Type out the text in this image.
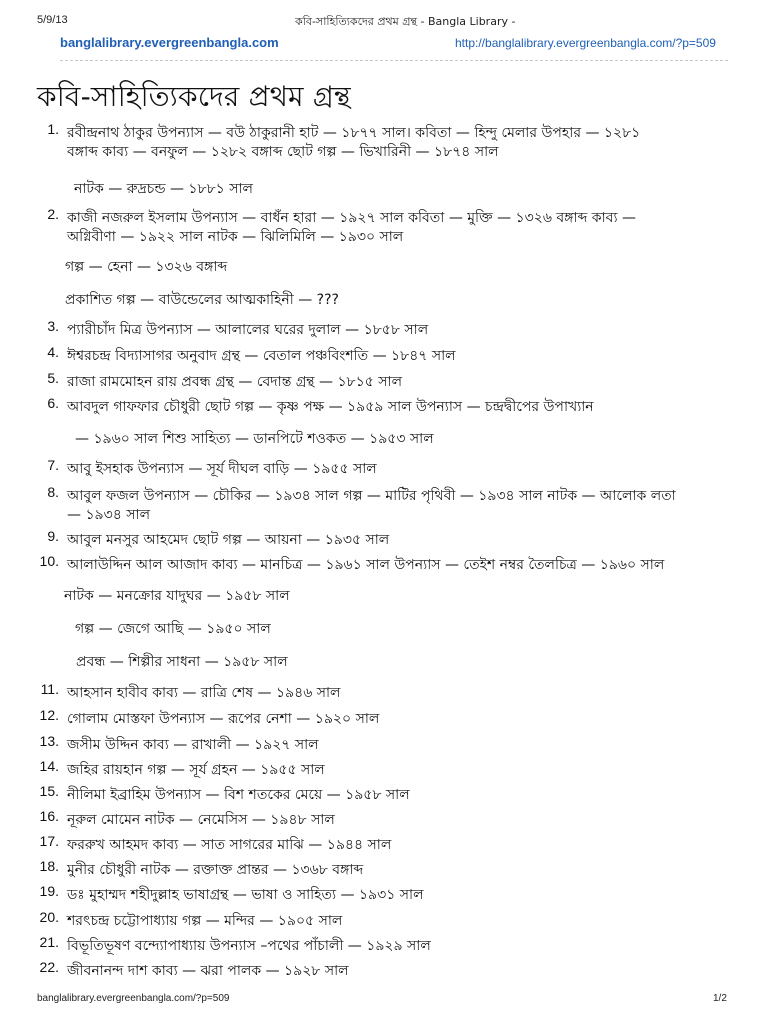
5/9/13	কবি-সাহিত্যিকদের প্রথম গ্রন্থ - Bangla Library -
banglalibrary.evergreenbangla.com	http://banglalibrary.evergreenbangla.com/?p=509
কবি-সাহিত্যিকদের প্রথম গ্রন্থ
1. রবীন্দ্রনাথ ঠাকুর উপন্যাস — বউ ঠাকুরানী হাট — ১৮৭৭ সাল। কবিতা — হিন্দু মেলার উপহার — ১২৮১
বঙ্গাব্দ কাব্য — বনফুল — ১২৮২ বঙ্গাব্দ ছোট গল্প — ভিখারিনী — ১৮৭৪ সাল
নাটক — রুদ্রচন্ড — ১৮৮১ সাল
2. কাজী নজরুল ইসলাম উপন্যাস — বাধঁন হারা — ১৯২৭ সাল কবিতা — মুক্তি — ১৩২৬ বঙ্গাব্দ কাব্য —
অগ্নিবীণা — ১৯২২ সাল নাটক — ঝিলিমিলি — ১৯৩০ সাল
গল্প — হেনা — ১৩২৬ বঙ্গাব্দ
প্রকাশিত গল্প — বাউন্ডেলের আত্মকাহিনী — ???
3. প্যারীচাঁদ মিত্র উপন্যাস — আলালের ঘরের দুলাল — ১৮৫৮ সাল
4. ঈশ্বরচন্দ্র বিদ্যাসাগর অনুবাদ গ্রন্থ — বেতাল পঞ্চবিংশতি — ১৮৪৭ সাল
5. রাজা রামমোহন রায় প্রবন্ধ গ্রন্থ — বেদান্ত গ্রন্থ — ১৮১৫ সাল
6. আবদুল গাফফার চৌধুরী ছোট গল্প — কৃষ্ণ পক্ষ — ১৯৫৯ সাল উপন্যাস — চন্দ্রদ্বীপের উপাখ্যান
— ১৯৬০ সাল শিশু সাহিত্য — ডানপিটে শওকত — ১৯৫৩ সাল
7. আবু ইসহাক উপন্যাস — সূর্য দীঘল বাড়ি — ১৯৫৫ সাল
8. আবুল ফজল উপন্যাস — চৌকির — ১৯৩৪ সাল গল্প — মাটির পৃথিবী — ১৯৩৪ সাল নাটক — আলোক লতা
— ১৯৩৪ সাল
9. আবুল মনসুর আহমেদ ছোট গল্প — আয়না — ১৯৩৫ সাল
10. আলাউদ্দিন আল আজাদ কাব্য — মানচিত্র — ১৯৬১ সাল উপন্যাস — তেইশ নম্বর তৈলচিত্র — ১৯৬০ সাল
নাটক — মনক্রোর যাদুঘর — ১৯৫৮ সাল
গল্প — জেগে আছি — ১৯৫০ সাল
প্রবন্ধ — শিল্পীর সাধনা — ১৯৫৮ সাল
11. আহসান হাবীব কাব্য — রাত্রি শেষ — ১৯৪৬ সাল
12. গোলাম মোস্তফা উপন্যাস — রূপের নেশা — ১৯২০ সাল
13. জসীম উদ্দিন কাব্য — রাখালী — ১৯২৭ সাল
14. জহির রায়হান গল্প — সূর্য গ্রহন — ১৯৫৫ সাল
15. নীলিমা ইব্রাহিম উপন্যাস — বিশ শতকের মেয়ে — ১৯৫৮ সাল
16. নূরুল মোমেন নাটক — নেমেসিস — ১৯৪৮ সাল
17. ফররুখ আহমদ কাব্য — সাত সাগরের মাঝি — ১৯৪৪ সাল
18. মুনীর চৌধুরী নাটক — রক্তাক্ত প্রান্তর — ১৩৬৮ বঙ্গাব্দ
19. ডঃ মুহাম্মদ শহীদুল্লাহ ভাষাগ্রন্থ — ভাষা ও সাহিত্য — ১৯৩১ সাল
20. শরৎচন্দ্র চট্টোপাধ্যায় গল্প — মন্দির — ১৯০৫ সাল
21. বিভূতিভূষণ বন্দ্যোপাধ্যায় উপন্যাস –পথের পাঁচালী — ১৯২৯ সাল
22. জীবনানন্দ দাশ কাব্য — ঝরা পালক — ১৯২৮ সাল
banglalibrary.evergreenbangla.com/?p=509	1/2
